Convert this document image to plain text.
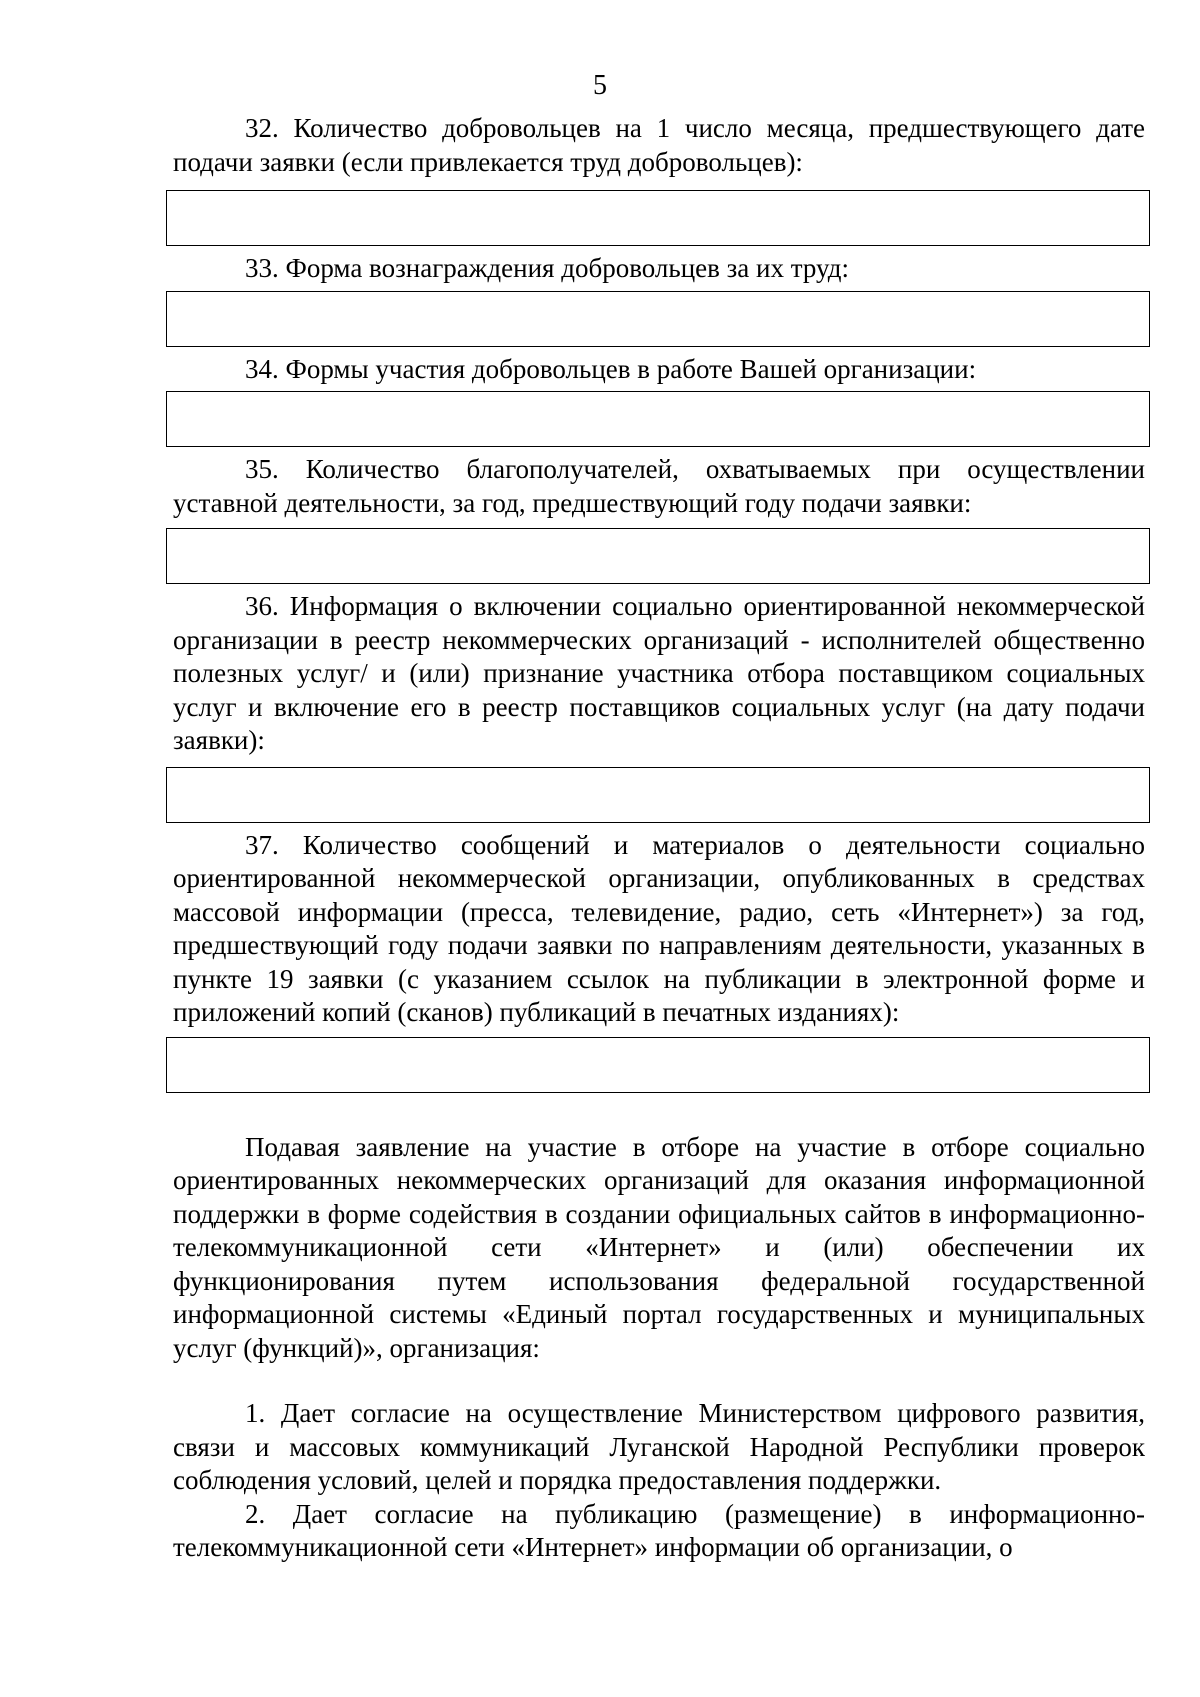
5

32. Количество добровольцев на 1 число месяца, предшествующего дате подачи заявки (если привлекается труд добровольцев):

33. Форма вознаграждения добровольцев за их труд:

34. Формы участия добровольцев в работе Вашей организации:

35. Количество благополучателей, охватываемых при осуществлении уставной деятельности, за год, предшествующий году подачи заявки:

36. Информация о включении социально ориентированной некоммерческой организации в реестр некоммерческих организаций - исполнителей общественно полезных услуг/ и (или) признание участника отбора поставщиком социальных услуг и включение его в реестр поставщиков социальных услуг (на дату подачи заявки):

37. Количество сообщений и материалов о деятельности социально ориентированной некоммерческой организации, опубликованных в средствах массовой информации (пресса, телевидение, радио, сеть «Интернет») за год, предшествующий году подачи заявки по направлениям деятельности, указанных в пункте 19 заявки (с указанием ссылок на публикации в электронной форме и приложений копий (сканов) публикаций в печатных изданиях):

Подавая заявление на участие в отборе на участие в отборе социально ориентированных некоммерческих организаций для оказания информационной поддержки в форме содействия в создании официальных сайтов в информационно-телекоммуникационной сети «Интернет» и (или) обеспечении их функционирования путем использования федеральной государственной информационной системы «Единый портал государственных и муниципальных услуг (функций)», организация:

1. Дает согласие на осуществление Министерством цифрового развития, связи и массовых коммуникаций Луганской Народной Республики проверок соблюдения условий, целей и порядка предоставления поддержки.

2. Дает согласие на публикацию (размещение) в информационно-телекоммуникационной сети «Интернет» информации об организации, о
